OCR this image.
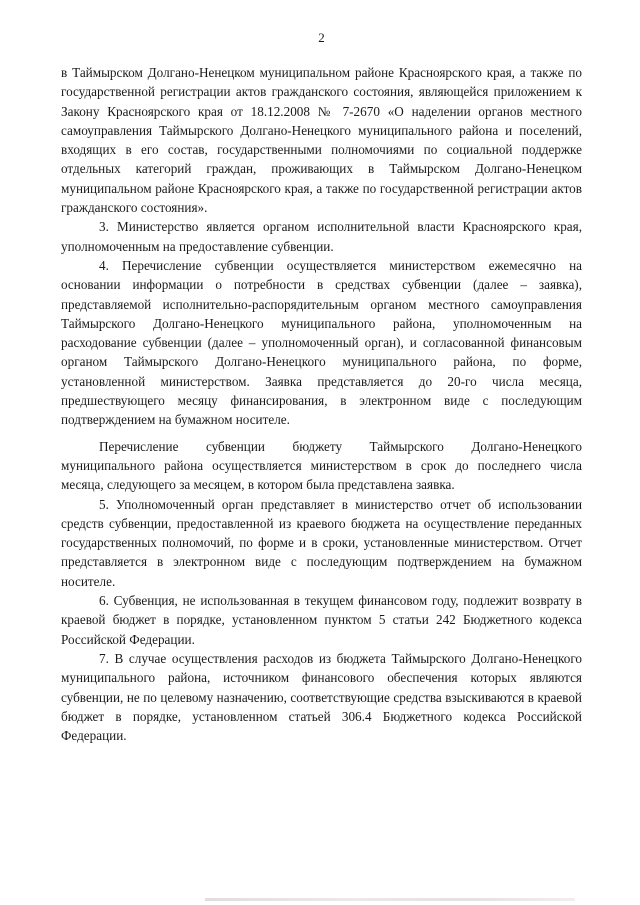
2

в Таймырском Долгано-Ненецком муниципальном районе Красноярского края, а также по государственной регистрации актов гражданского состояния, являющейся приложением к Закону Красноярского края от 18.12.2008 № 7-2670 «О наделении органов местного самоуправления Таймырского Долгано-Ненецкого муниципального района и поселений, входящих в его состав, государственными полномочиями по социальной поддержке отдельных категорий граждан, проживающих в Таймырском Долгано-Ненецком муниципальном районе Красноярского края, а также по государственной регистрации актов гражданского состояния».

3. Министерство является органом исполнительной власти Красноярского края, уполномоченным на предоставление субвенции.

4. Перечисление субвенции осуществляется министерством ежемесячно на основании информации о потребности в средствах субвенции (далее – заявка), представляемой исполнительно-распорядительным органом местного самоуправления Таймырского Долгано-Ненецкого муниципального района, уполномоченным на расходование субвенции (далее – уполномоченный орган), и согласованной финансовым органом Таймырского Долгано-Ненецкого муниципального района, по форме, установленной министерством. Заявка представляется до 20-го числа месяца, предшествующего месяцу финансирования, в электронном виде с последующим подтверждением на бумажном носителе.

Перечисление субвенции бюджету Таймырского Долгано-Ненецкого муниципального района осуществляется министерством в срок до последнего числа месяца, следующего за месяцем, в котором была представлена заявка.

5. Уполномоченный орган представляет в министерство отчет об использовании средств субвенции, предоставленной из краевого бюджета на осуществление переданных государственных полномочий, по форме и в сроки, установленные министерством. Отчет представляется в электронном виде с последующим подтверждением на бумажном носителе.

6. Субвенция, не использованная в текущем финансовом году, подлежит возврату в краевой бюджет в порядке, установленном пунктом 5 статьи 242 Бюджетного кодекса Российской Федерации.

7. В случае осуществления расходов из бюджета Таймырского Долгано-Ненецкого муниципального района, источником финансового обеспечения которых являются субвенции, не по целевому назначению, соответствующие средства взыскиваются в краевой бюджет в порядке, установленном статьей 306.4 Бюджетного кодекса Российской Федерации.
